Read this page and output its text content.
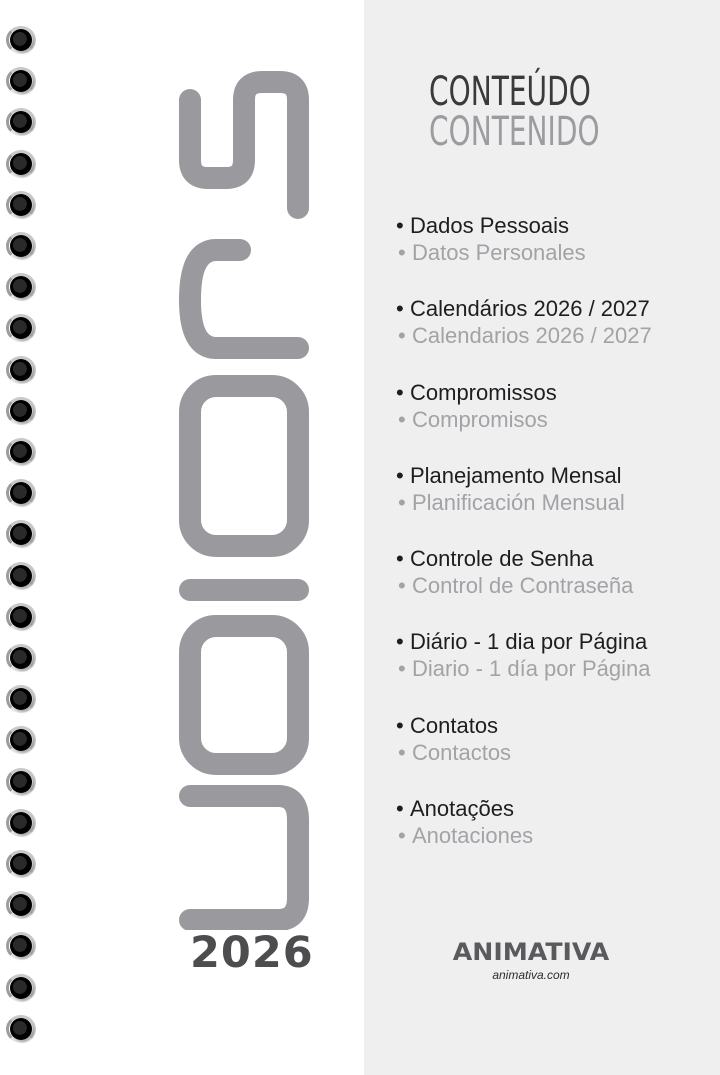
2026
CONTEÚDO
CONTENIDO
• Dados Pessoais
• Datos Personales
• Calendários 2026 / 2027
• Calendarios 2026 / 2027
• Compromissos
• Compromisos
• Planejamento Mensal
• Planificación Mensual
• Controle de Senha
• Control de Contraseña
• Diário - 1 dia por Página
• Diario - 1 día por Página
• Contatos
• Contactos
• Anotações
• Anotaciones
ANIMATIVA
animativa.com
